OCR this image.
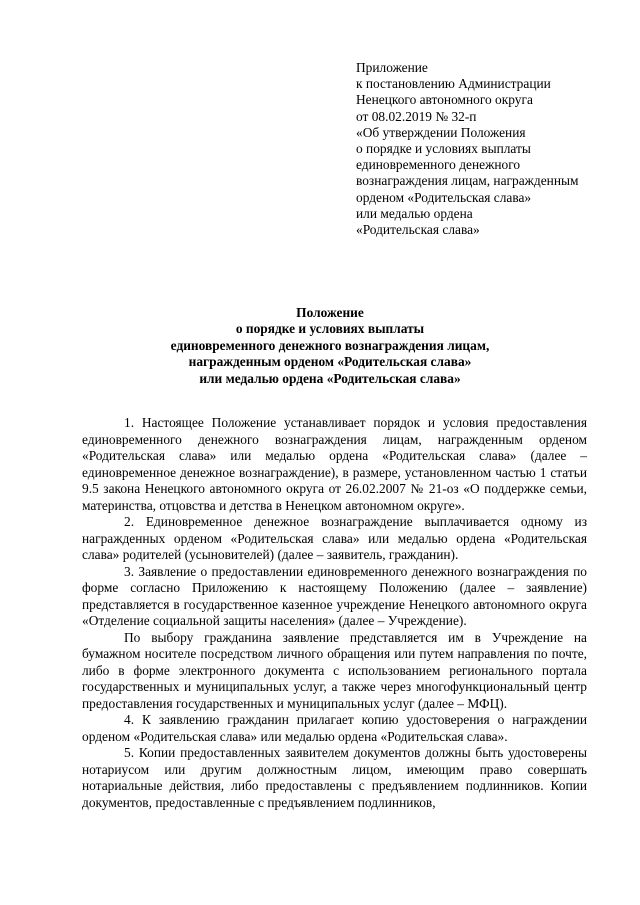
Приложение
к постановлению Администрации
Ненецкого автономного округа
от 08.02.2019 № 32-п
«Об утверждении Положения
о порядке и условиях выплаты
единовременного денежного
вознаграждения лицам, награжденным
орденом «Родительская слава»
или медалью ордена
«Родительская слава»
Положение
о порядке и условиях выплаты
единовременного денежного вознаграждения лицам,
награжденным орденом «Родительская слава»
или медалью ордена «Родительская слава»

1. Настоящее Положение устанавливает порядок и условия предоставления единовременного денежного вознаграждения лицам, награжденным орденом «Родительская слава» или медалью ордена «Родительская слава» (далее – единовременное денежное вознаграждение), в размере, установленном частью 1 статьи 9.5 закона Ненецкого автономного округа от 26.02.2007 № 21-оз «О поддержке семьи, материнства, отцовства и детства в Ненецком автономном округе».

2. Единовременное денежное вознаграждение выплачивается одному из награжденных орденом «Родительская слава» или медалью ордена «Родительская слава» родителей (усыновителей) (далее – заявитель, гражданин).

3. Заявление о предоставлении единовременного денежного вознаграждения по форме согласно Приложению к настоящему Положению (далее – заявление) представляется в государственное казенное учреждение Ненецкого автономного округа «Отделение социальной защиты населения» (далее – Учреждение).

По выбору гражданина заявление представляется им в Учреждение на бумажном носителе посредством личного обращения или путем направления по почте, либо в форме электронного документа с использованием регионального портала государственных и муниципальных услуг, а также через многофункциональный центр предоставления государственных и муниципальных услуг (далее – МФЦ).

4. К заявлению гражданин прилагает копию удостоверения о награждении орденом «Родительская слава» или медалью ордена «Родительская слава».

5. Копии предоставленных заявителем документов должны быть удостоверены нотариусом или другим должностным лицом, имеющим право совершать нотариальные действия, либо предоставлены с предъявлением подлинников. Копии документов, предоставленные с предъявлением подлинников,
